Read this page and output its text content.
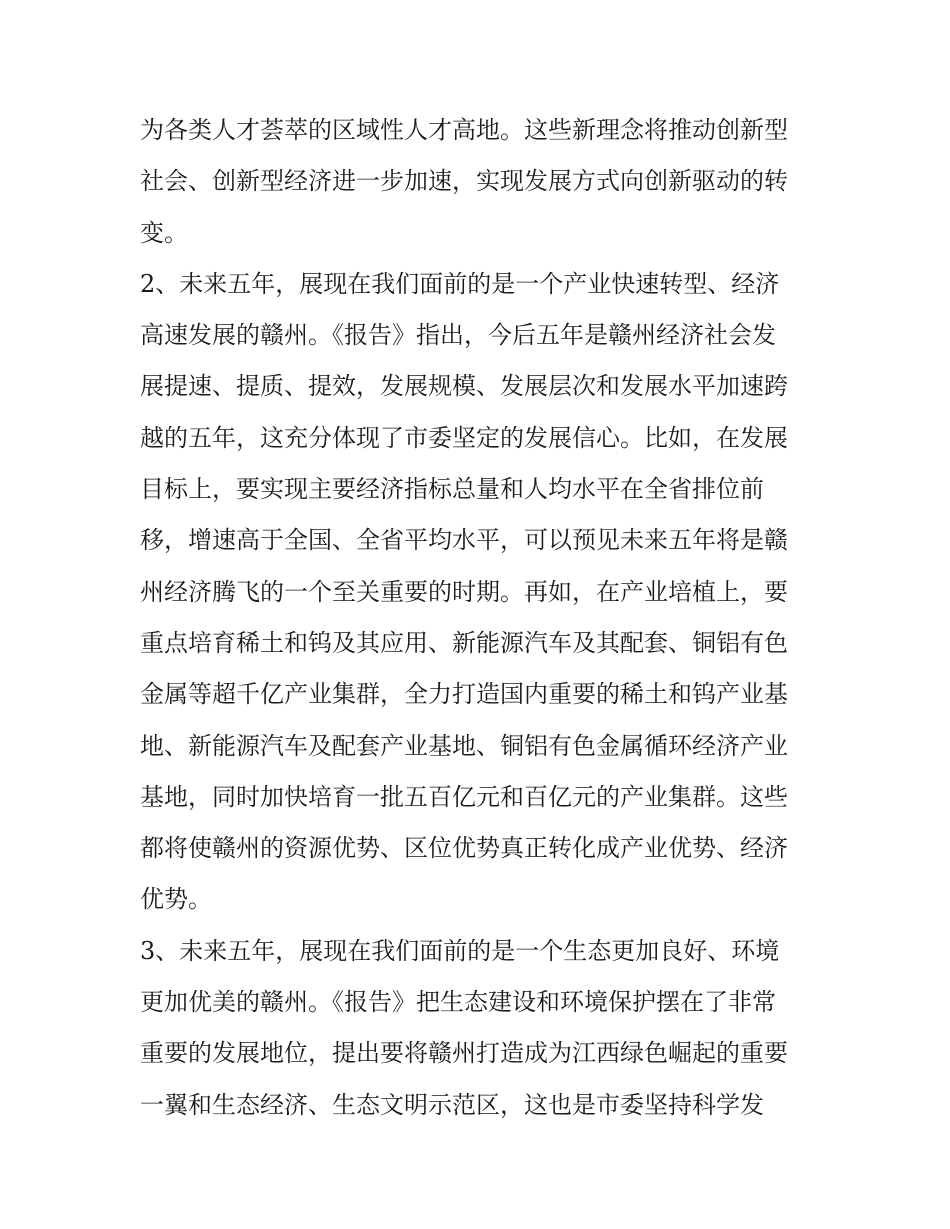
为各类人才荟萃的区域性人才高地。这些新理念将推动创新型
社会、创新型经济进一步加速，实现发展方式向创新驱动的转
变。
2、未来五年，展现在我们面前的是一个产业快速转型、经济
高速发展的赣州。《报告》指出，今后五年是赣州经济社会发
展提速、提质、提效，发展规模、发展层次和发展水平加速跨
越的五年，这充分体现了市委坚定的发展信心。比如，在发展
目标上，要实现主要经济指标总量和人均水平在全省排位前
移，增速高于全国、全省平均水平，可以预见未来五年将是赣
州经济腾飞的一个至关重要的时期。再如，在产业培植上，要
重点培育稀土和钨及其应用、新能源汽车及其配套、铜铝有色
金属等超千亿产业集群，全力打造国内重要的稀土和钨产业基
地、新能源汽车及配套产业基地、铜铝有色金属循环经济产业
基地，同时加快培育一批五百亿元和百亿元的产业集群。这些
都将使赣州的资源优势、区位优势真正转化成产业优势、经济
优势。
3、未来五年，展现在我们面前的是一个生态更加良好、环境
更加优美的赣州。《报告》把生态建设和环境保护摆在了非常
重要的发展地位，提出要将赣州打造成为江西绿色崛起的重要
一翼和生态经济、生态文明示范区，这也是市委坚持科学发
